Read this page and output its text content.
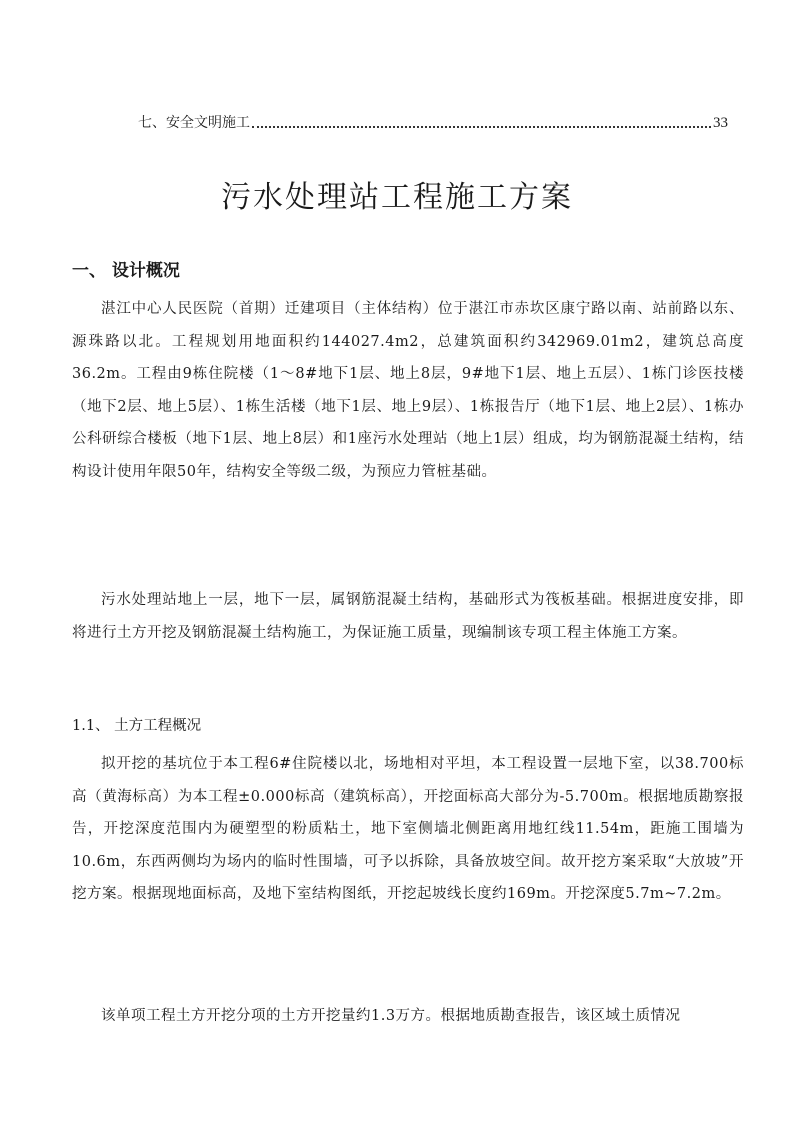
七、安全文明施工	33
污水处理站工程施工方案
一、 设计概况

湛江中心人民医院（首期）迁建项目（主体结构）位于湛江市赤坎区康宁路以南、站前路以东、源珠路以北。工程规划用地面积约144027.4m2，总建筑面积约342969.01m2，建筑总高度36.2m。工程由9栋住院楼（1～8#地下1层、地上8层，9#地下1层、地上五层）、1栋门诊医技楼（地下2层、地上5层）、1栋生活楼（地下1层、地上9层）、1栋报告厅（地下1层、地上2层）、1栋办公科研综合楼板（地下1层、地上8层）和1座污水处理站（地上1层）组成，均为钢筋混凝土结构，结构设计使用年限50年，结构安全等级二级，为预应力管桩基础。

污水处理站地上一层，地下一层，属钢筋混凝土结构，基础形式为筏板基础。根据进度安排，即将进行土方开挖及钢筋混凝土结构施工，为保证施工质量，现编制该专项工程主体施工方案。

1.1、 土方工程概况

拟开挖的基坑位于本工程6#住院楼以北，场地相对平坦，本工程设置一层地下室，以38.700标高（黄海标高）为本工程±0.000标高（建筑标高），开挖面标高大部分为-5.700m。根据地质勘察报告，开挖深度范围内为硬塑型的粉质粘土，地下室侧墙北侧距离用地红线11.54m，距施工围墙为10.6m，东西两侧均为场内的临时性围墙，可予以拆除，具备放坡空间。故开挖方案采取“大放坡”开挖方案。根据现地面标高，及地下室结构图纸，开挖起坡线长度约169m。开挖深度5.7m~7.2m。

该单项工程土方开挖分项的土方开挖量约1.3万方。根据地质勘查报告，该区域土质情况
